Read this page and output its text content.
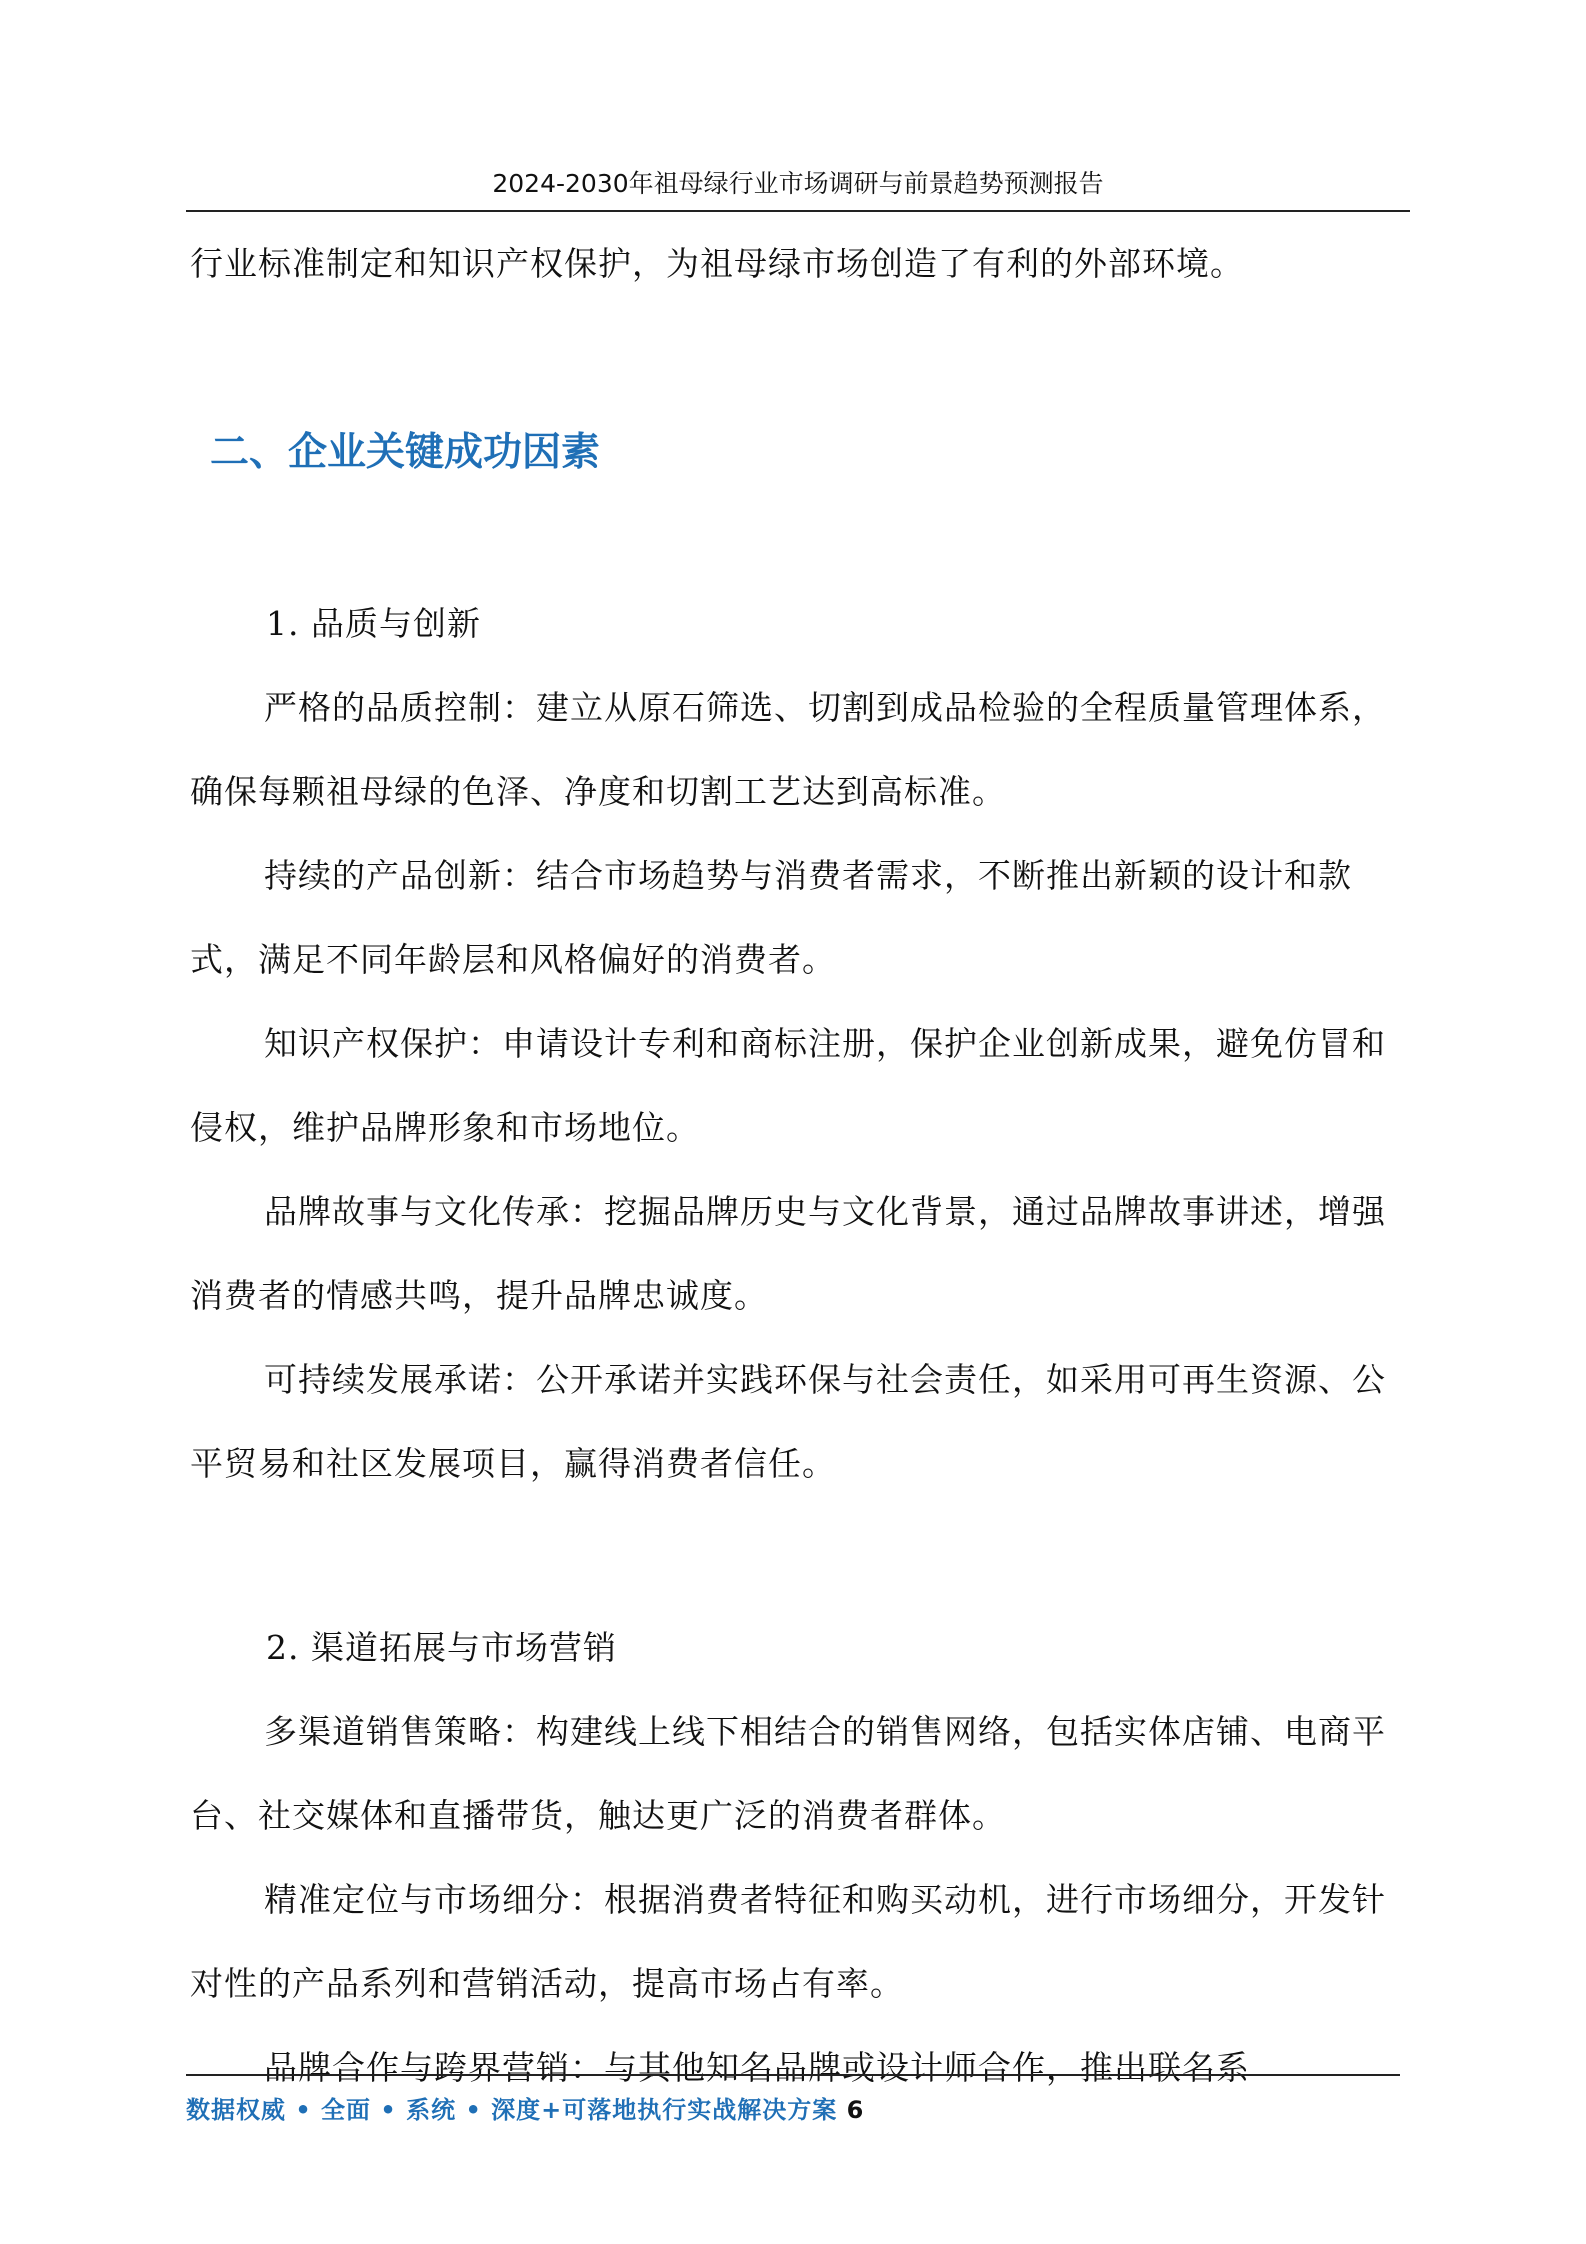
2024-2030年祖母绿行业市场调研与前景趋势预测报告

行业标准制定和知识产权保护，为祖母绿市场创造了有利的外部环境。

二、企业关键成功因素

1. 品质与创新

严格的品质控制：建立从原石筛选、切割到成品检验的全程质量管理体系，确保每颗祖母绿的色泽、净度和切割工艺达到高标准。

持续的产品创新：结合市场趋势与消费者需求，不断推出新颖的设计和款式，满足不同年龄层和风格偏好的消费者。

知识产权保护：申请设计专利和商标注册，保护企业创新成果，避免仿冒和侵权，维护品牌形象和市场地位。

品牌故事与文化传承：挖掘品牌历史与文化背景，通过品牌故事讲述，增强消费者的情感共鸣，提升品牌忠诚度。

可持续发展承诺：公开承诺并实践环保与社会责任，如采用可再生资源、公平贸易和社区发展项目，赢得消费者信任。

2. 渠道拓展与市场营销

多渠道销售策略：构建线上线下相结合的销售网络，包括实体店铺、电商平台、社交媒体和直播带货，触达更广泛的消费者群体。

精准定位与市场细分：根据消费者特征和购买动机，进行市场细分，开发针对性的产品系列和营销活动，提高市场占有率。

品牌合作与跨界营销：与其他知名品牌或设计师合作，推出联名系

数据权威 • 全面 • 系统 • 深度+可落地执行实战解决方案 6
